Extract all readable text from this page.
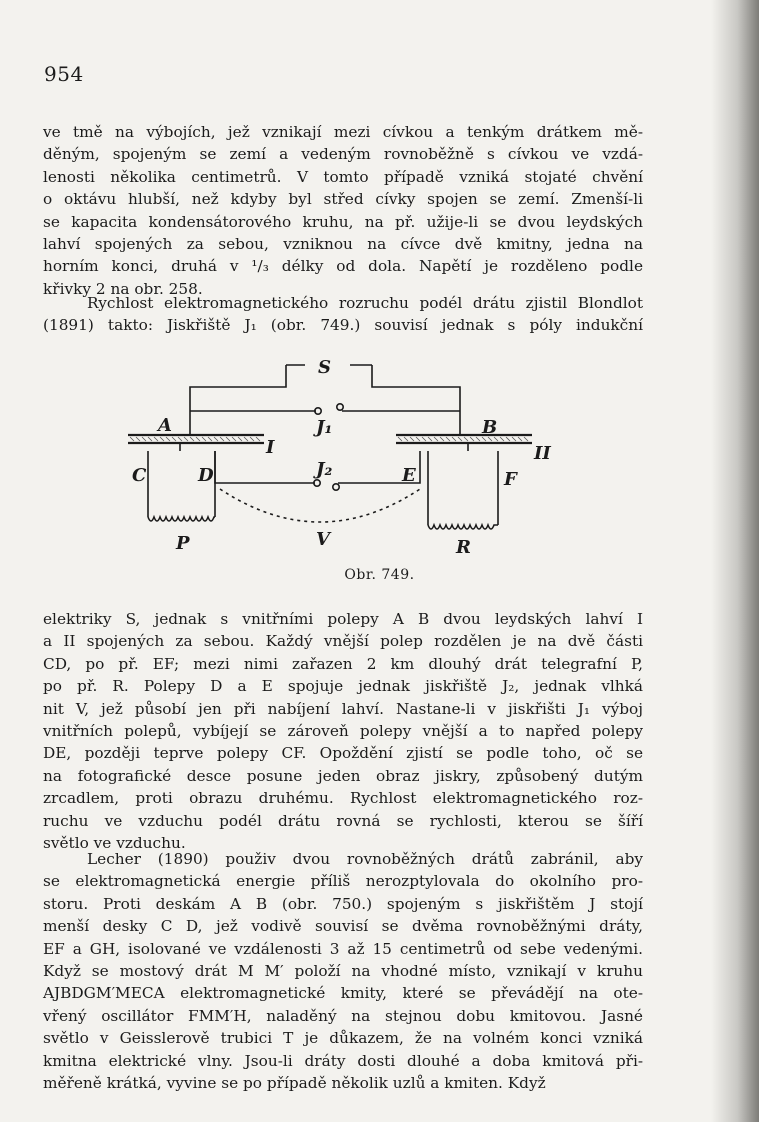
954
ve tmě na výbojích, jež vznikají mezi cívkou a tenkým drátkem mě-
děným, spojeným se zemí a vedeným rovnoběžně s cívkou ve vzdá-
lenosti několika centimetrů. V tomto případě vzniká stojaté chvění
o oktávu hlubší, než kdyby byl střed cívky spojen se zemí. Zmenší-li
se kapacita kondensátorového kruhu, na př. užije-li se dvou leydských
lahví spojených za sebou, vzniknou na cívce dvě kmitny, jedna na
horním konci, druhá v ¹/₃ délky od dola. Napětí je rozděleno podle
křivky 2 na obr. 258.
Rychlost elektromagnetického rozruchu podél drátu zjistil Blondlot
(1891) takto: Jiskřiště J₁ (obr. 749.) souvisí jednak s póly indukční
S
J₁
A	B
I	II
C	D	J₂	E	F
P	V	R
Obr. 749.
elektriky S, jednak s vnitřními polepy A B dvou leydských lahví I
a II spojených za sebou. Každý vnější polep rozdělen je na dvě části
CD, po př. EF; mezi nimi zařazen 2 km dlouhý drát telegrafní P,
po př. R. Polepy D a E spojuje jednak jiskřiště J₂, jednak vlhká
nit V, jež působí jen při nabíjení lahví. Nastane-li v jiskřišti J₁ výboj
vnitřních polepů, vybíjejí se zároveň polepy vnější a to napřed polepy
DE, později teprve polepy CF. Opoždění zjistí se podle toho, oč se
na fotografické desce posune jeden obraz jiskry, způsobený dutým
zrcadlem, proti obrazu druhému. Rychlost elektromagnetického roz-
ruchu ve vzduchu podél drátu rovná se rychlosti, kterou se šíří
světlo ve vzduchu.
Lecher (1890) použiv dvou rovnoběžných drátů zabránil, aby
se elektromagnetická energie příliš nerozptylovala do okolního pro-
storu. Proti deskám A B (obr. 750.) spojeným s jiskřištěm J stojí
menší desky C D, jež vodivě souvisí se dvěma rovnoběžnými dráty,
EF a GH, isolované ve vzdálenosti 3 až 15 centimetrů od sebe vedenými.
Když se mostový drát M M′ položí na vhodné místo, vznikají v kruhu
AJBDGM′MECA elektromagnetické kmity, které se převádějí na ote-
vřený oscillátor FMM′H, naladěný na stejnou dobu kmitovou. Jasné
světlo v Geisslerově trubici T je důkazem, že na volném konci vzniká
kmitna elektrické vlny. Jsou-li dráty dosti dlouhé a doba kmitová při-
měřeně krátká, vyvine se po případě několik uzlů a kmiten. Když
